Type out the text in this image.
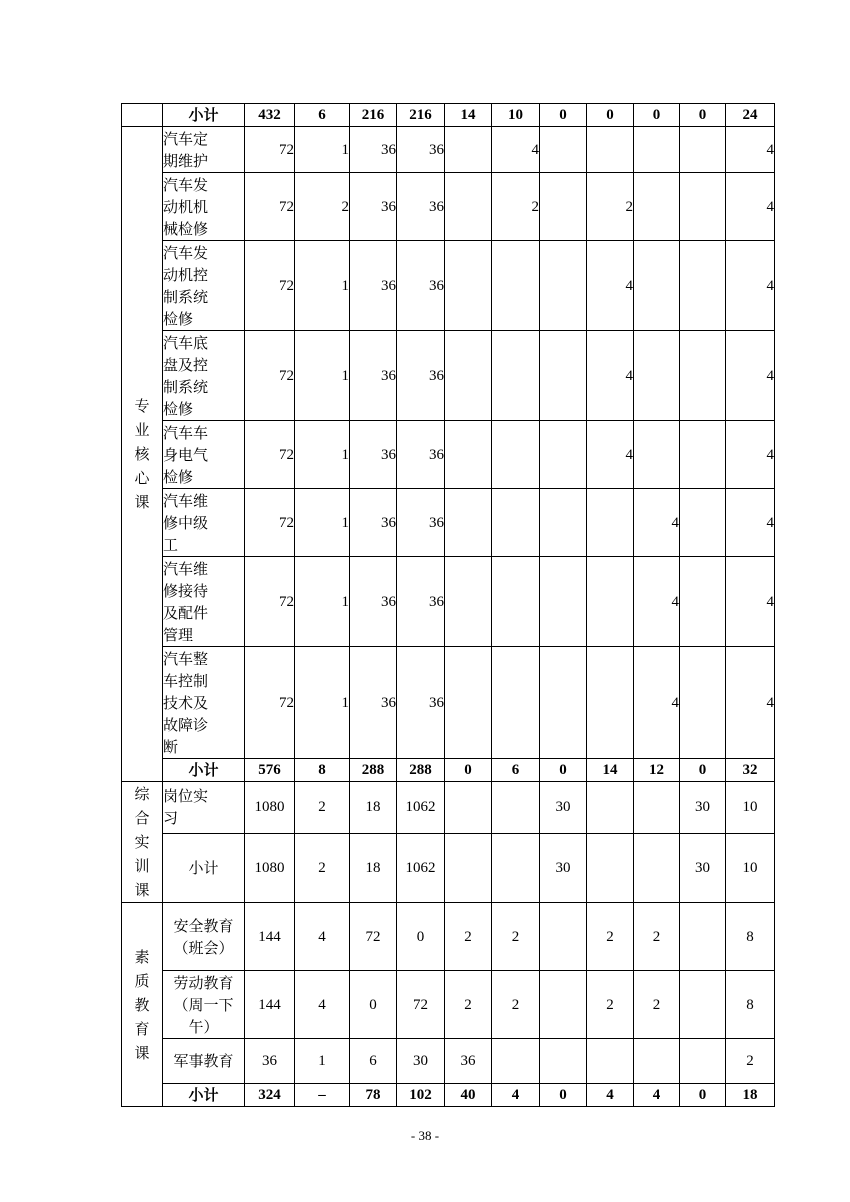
	小计	432	6	216	216	14	10	0	0	0	0	24

专业核心课	汽车定期维护	72	1	36	36		4					4

	汽车发动机机械检修	72	2	36	36		2		2			4

	汽车发动机控制系统检修	72	1	36	36				4			4

	汽车底盘及控制系统检修	72	1	36	36				4			4

	汽车车身电气检修	72	1	36	36				4			4

	汽车维修中级工	72	1	36	36					4		4

	汽车维修接待及配件管理	72	1	36	36					4		4

	汽车整车控制技术及故障诊断	72	1	36	36					4		4
	小计	576	8	288	288	0	6	0	14	12	0	32

综合实训课	岗位实习	1080	2	18	1062			30			30	10

	小计	1080	2	18	1062			30			30	10

素质教育课	安全教育（班会）	144	4	72	0	2	2		2	2		8

	劳动教育（周一下午）	144	4	0	72	2	2		2	2		8

	军事教育	36	1	6	30	36						2
	小计	324	–	78	102	40	4	0	4	4	0	18
- 38 -
